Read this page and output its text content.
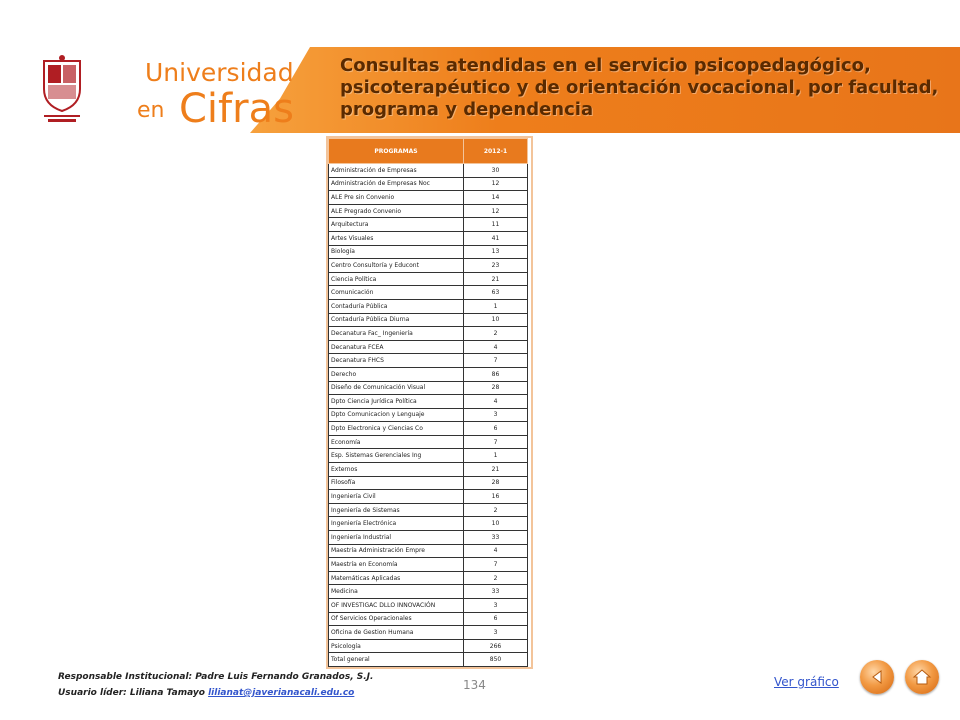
Universidad
en Cifras
Consultas atendidas en el servicio psicopedagógico, psicoterapéutico y de orientación vocacional, por facultad, programa y dependencia
PROGRAMAS	2012-1
Administración de Empresas	30
Administración de Empresas Noc	12
ALE Pre sin Convenio	14
ALE Pregrado Convenio	12
Arquitectura	11
Artes Visuales	41
Biología	13
Centro Consultoría y Educont	23
Ciencia Política	21
Comunicación	63
Contaduría Pública	1
Contaduría Pública Diurna	10
Decanatura Fac_ Ingeniería	2
Decanatura FCEA	4
Decanatura FHCS	7
Derecho	86
Diseño de Comunicación Visual	28
Dpto Ciencia Jurídica Política	4
Dpto Comunicacion y Lenguaje	3
Dpto Electronica y Ciencias Co	6
Economía	7
Esp. Sistemas Gerenciales Ing	1
Externos	21
Filosofía	28
Ingeniería Civil	16
Ingeniería de Sistemas	2
Ingeniería Electrónica	10
Ingeniería Industrial	33
Maestría Administración Empre	4
Maestría en Economía	7
Matemáticas Aplicadas	2
Medicina	33
OF INVESTIGAC DLLO INNOVACIÓN	3
Of Servicios Operacionales	6
Oficina de Gestion Humana	3
Psicología	266
Total general	850
Responsable Institucional: Padre Luis Fernando Granados, S.J.
Usuario líder: Liliana Tamayo lilianat@javerianacali.edu.co
134	Ver gráfico
